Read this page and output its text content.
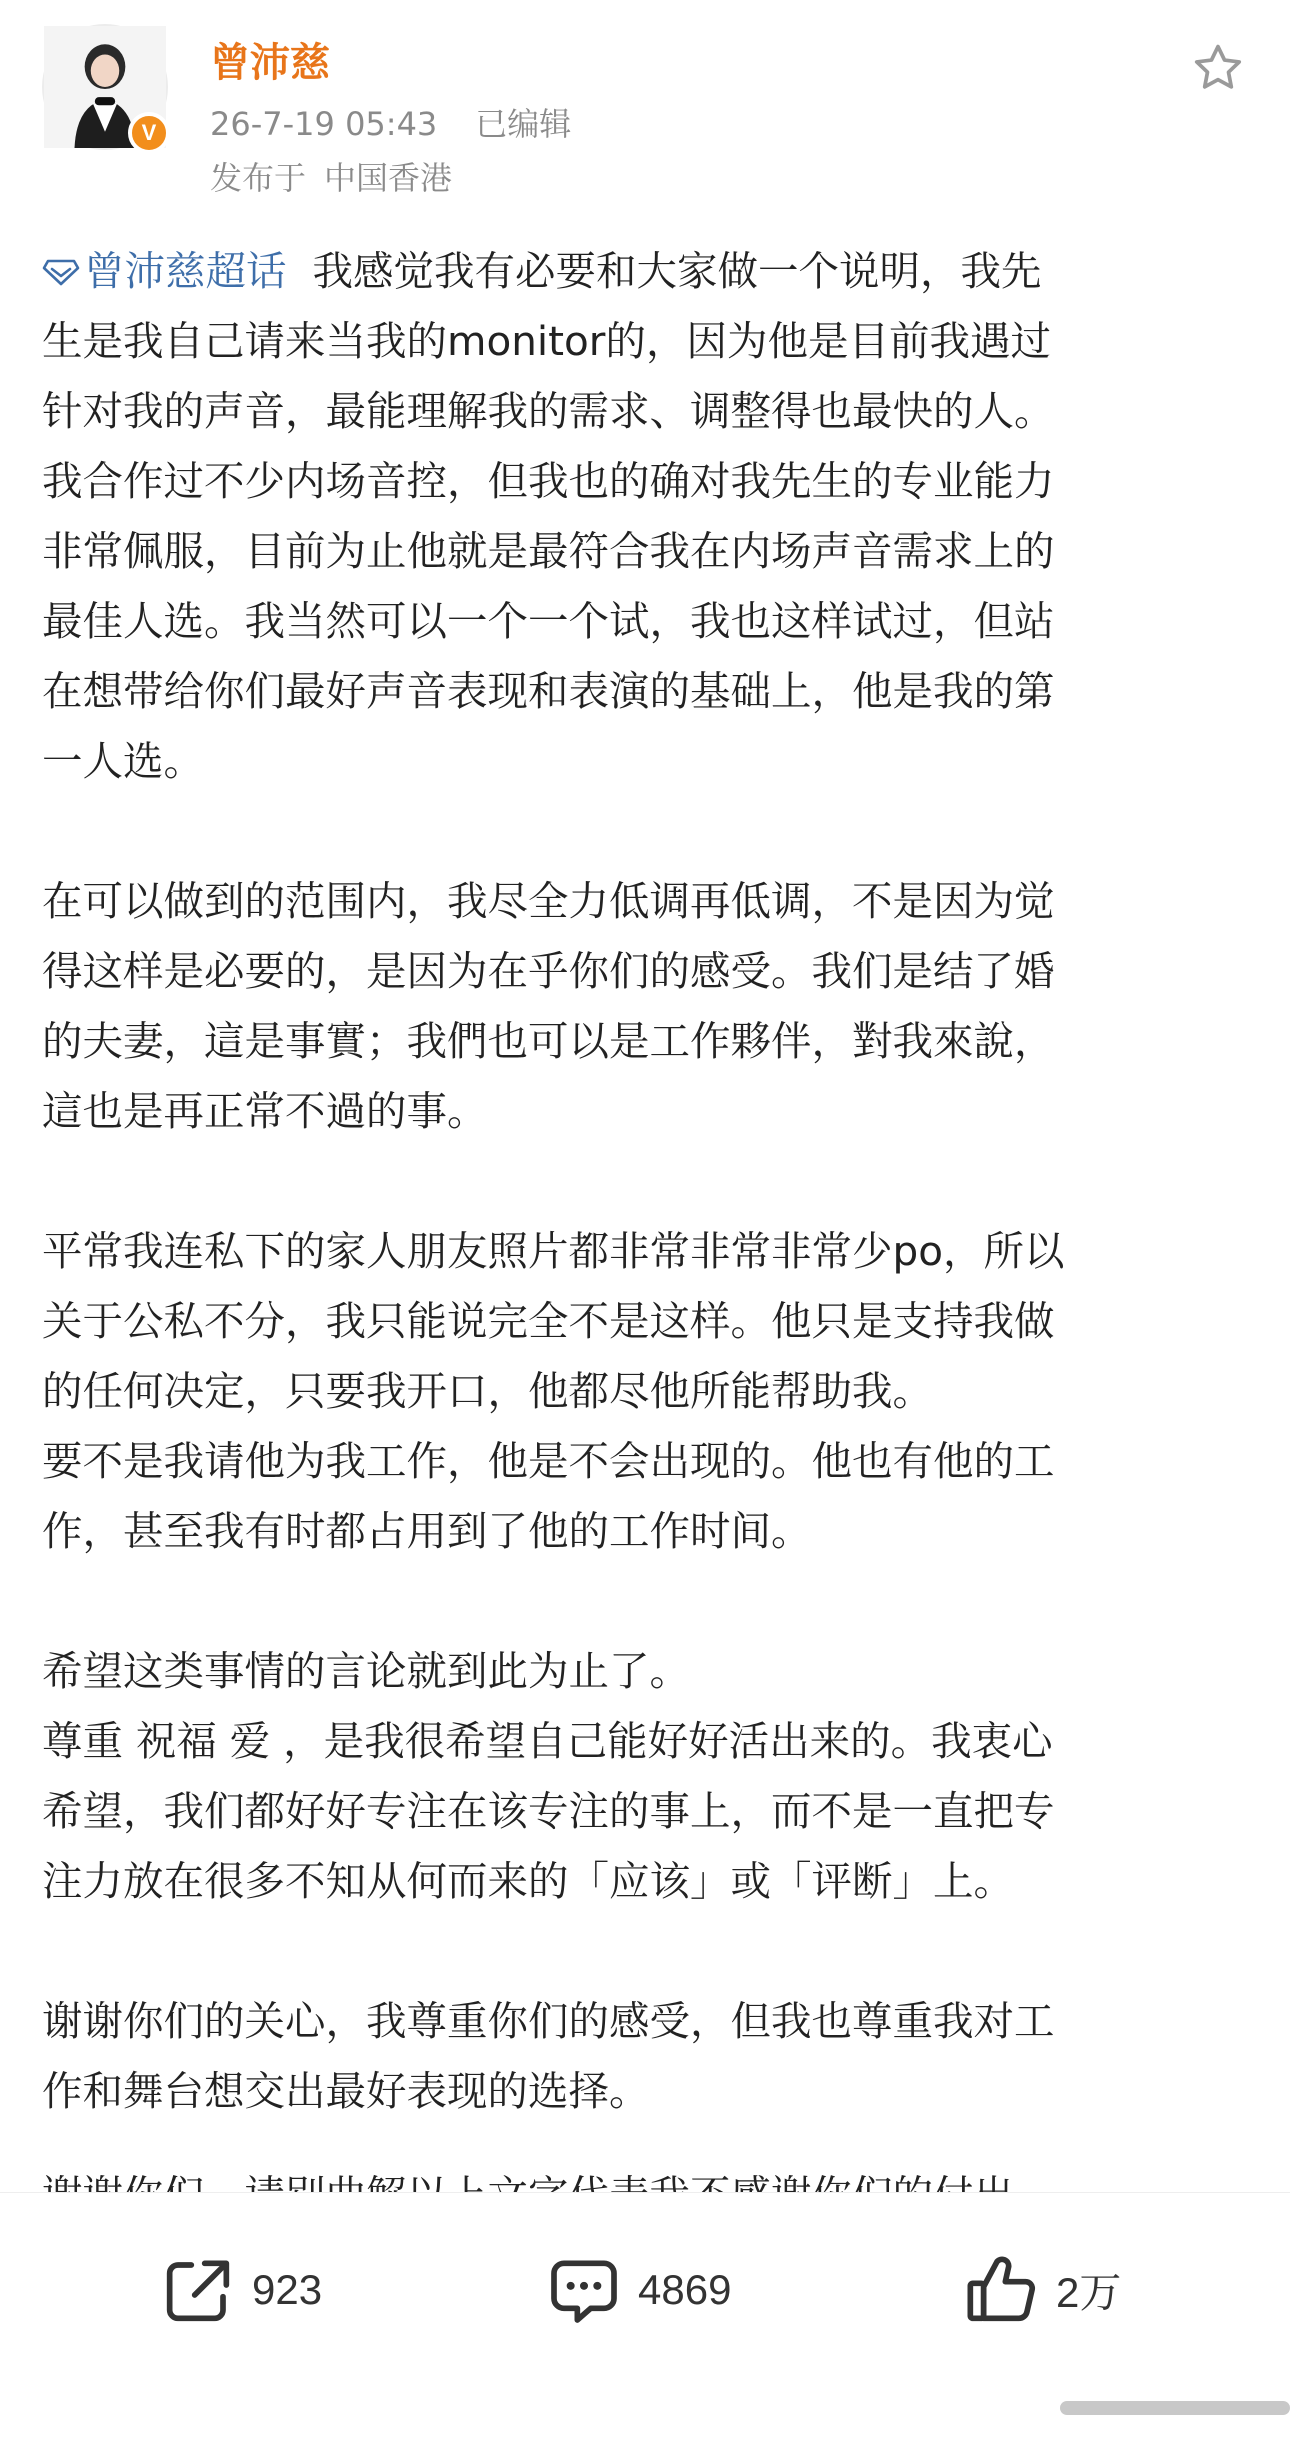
V
曾沛慈
26-7-19 05:43 已编辑
发布于 中国香港
曾沛慈超话 我感觉我有必要和大家做一个说明，我先
生是我自己请来当我的monitor的，因为他是目前我遇过
针对我的声音，最能理解我的需求、调整得也最快的人。
我合作过不少内场音控，但我也的确对我先生的专业能力
非常佩服，目前为止他就是最符合我在内场声音需求上的
最佳人选。我当然可以一个一个试，我也这样试过，但站
在想带给你们最好声音表现和表演的基础上，他是我的第
一人选。
在可以做到的范围内，我尽全力低调再低调，不是因为觉
得这样是必要的，是因为在乎你们的感受。我们是结了婚
的夫妻，這是事實；我們也可以是工作夥伴，對我來說，
這也是再正常不過的事。
平常我连私下的家人朋友照片都非常非常非常少po，所以
关于公私不分，我只能说完全不是这样。他只是支持我做
的任何决定，只要我开口，他都尽他所能帮助我。
要不是我请他为我工作，他是不会出现的。他也有他的工
作，甚至我有时都占用到了他的工作时间。
希望这类事情的言论就到此为止了。
尊重 祝福 爱 ，是我很希望自己能好好活出来的。我衷心
希望，我们都好好专注在该专注的事上，而不是一直把专
注力放在很多不知从何而来的「应该」或「评断」上。
谢谢你们的关心，我尊重你们的感受，但我也尊重我对工
作和舞台想交出最好表现的选择。
923	4869	2万
